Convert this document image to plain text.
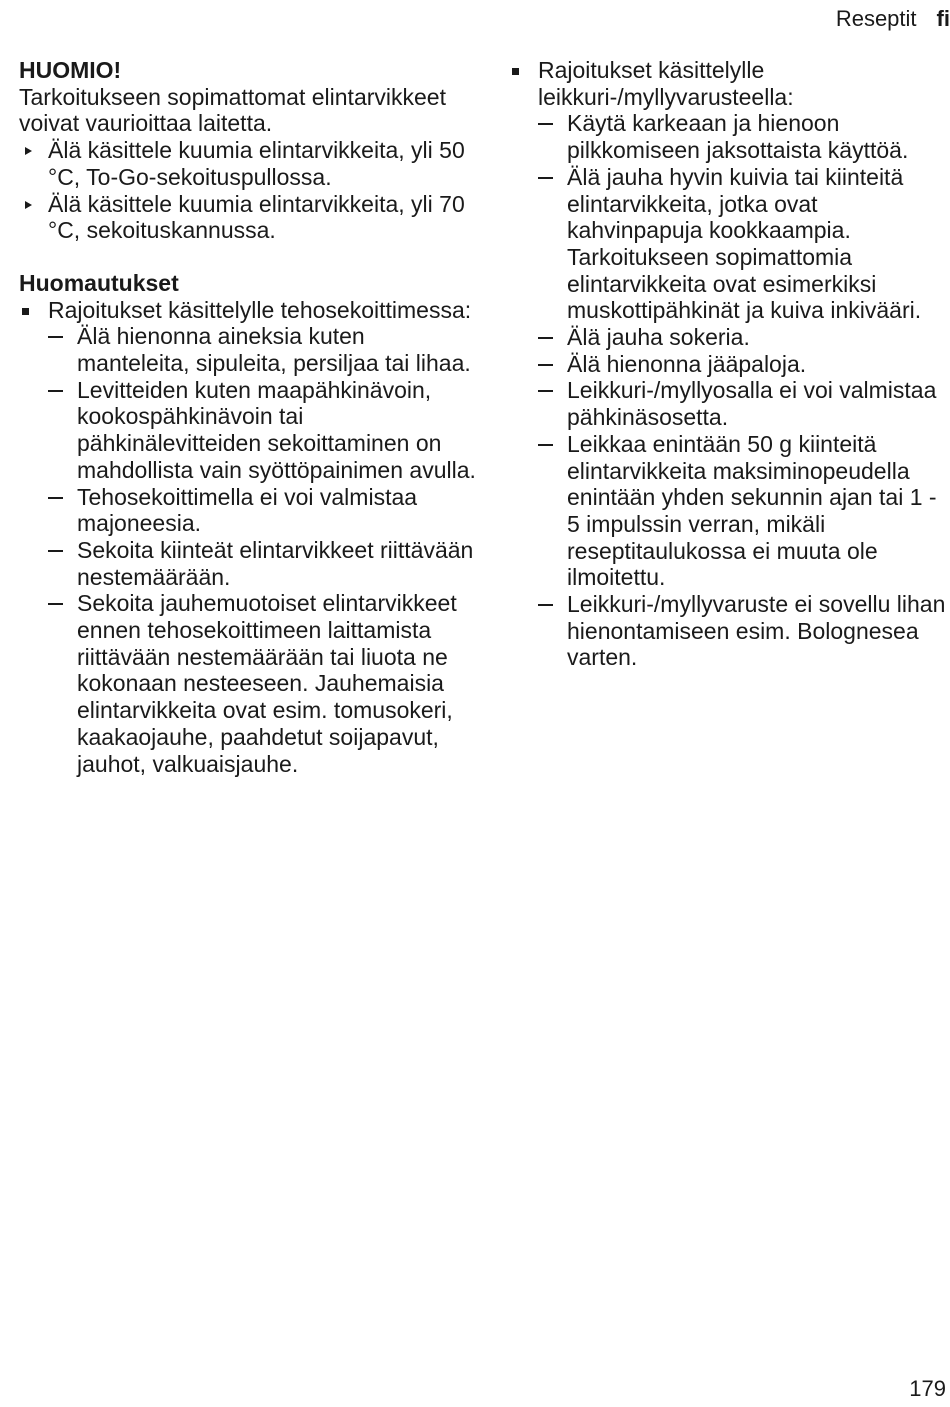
Reseptit fi

HUOMIO!

Tarkoitukseen sopimattomat elintarvikkeet voivat vaurioittaa laitetta.

Älä käsittele kuumia elintarvikkeita, yli 50 °C, To-Go-sekoituspullossa.
Älä käsittele kuumia elintarvikkeita, yli 70 °C, sekoituskannussa.

Huomautukset

Rajoitukset käsittelylle tehosekoittimessa:
Älä hienonna aineksia kuten manteleita, sipuleita, persiljaa tai lihaa.
Levitteiden kuten maapähkinävoin, kookospähkinävoin tai pähkinälevitteiden sekoittaminen on mahdollista vain syöttöpainimen avulla.
Tehosekoittimella ei voi valmistaa majoneesia.
Sekoita kiinteät elintarvikkeet riittävään nestemäärään.
Sekoita jauhemuotoiset elintarvikkeet ennen tehosekoittimeen laittamista riittävään nestemäärään tai liuota ne kokonaan nesteeseen. Jauhemaisia elintarvikkeita ovat esim. tomusokeri, kaakaojauhe, paahdetut soijapavut, jauhot, valkuaisjauhe.
Rajoitukset käsittelylle leikkuri-/myllyvarusteella:
Käytä karkeaan ja hienoon pilkkomiseen jaksottaista käyttöä.
Älä jauha hyvin kuivia tai kiinteitä elintarvikkeita, jotka ovat kahvinpapuja kookkaampia. Tarkoitukseen sopimattomia elintarvikkeita ovat esimerkiksi muskottipähkinät ja kuiva inkivääri.
Älä jauha sokeria.
Älä hienonna jääpaloja.
Leikkuri-/myllyosalla ei voi valmistaa pähkinäsosetta.
Leikkaa enintään 50 g kiinteitä elintarvikkeita maksiminopeudella enintään yhden sekunnin ajan tai 1 - 5 impulssin verran, mikäli reseptitaulukossa ei muuta ole ilmoitettu.
Leikkuri-/myllyvaruste ei sovellu lihan hienontamiseen esim. Bolognesea varten.
179
